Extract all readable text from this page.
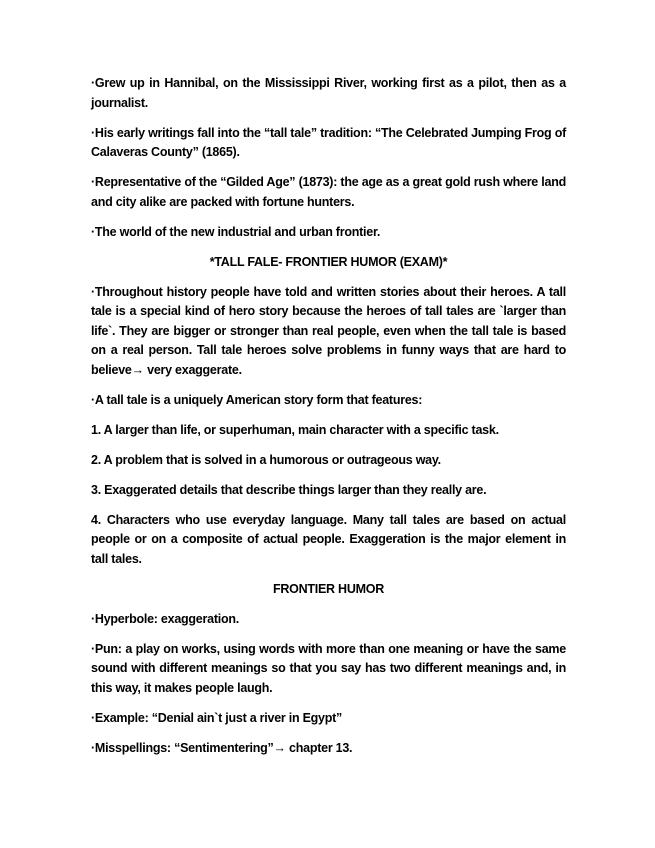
·Grew up in Hannibal, on the Mississippi River, working first as a pilot, then as a journalist.

·His early writings fall into the “tall tale” tradition: “The Celebrated Jumping Frog of Calaveras County” (1865).

·Representative of the “Gilded Age” (1873): the age as a great gold rush where land and city alike are packed with fortune hunters.

·The world of the new industrial and urban frontier.

*TALL FALE- FRONTIER HUMOR (EXAM)*

·Throughout history people have told and written stories about their heroes. A tall tale is a special kind of hero story because the heroes of tall tales are `larger than life`. They are bigger or stronger than real people, even when the tall tale is based on a real person. Tall tale heroes solve problems in funny ways that are hard to believe→ very exaggerate.

·A tall tale is a uniquely American story form that features:

1. A larger than life, or superhuman, main character with a specific task.

2. A problem that is solved in a humorous or outrageous way.

3. Exaggerated details that describe things larger than they really are.

4. Characters who use everyday language. Many tall tales are based on actual people or on a composite of actual people. Exaggeration is the major element in tall tales.

FRONTIER HUMOR

·Hyperbole: exaggeration.

·Pun: a play on works, using words with more than one meaning or have the same sound with different meanings so that you say has two different meanings and, in this way, it makes people laugh.

·Example: “Denial ain`t just a river in Egypt”

·Misspellings: “Sentimentering”→ chapter 13.
